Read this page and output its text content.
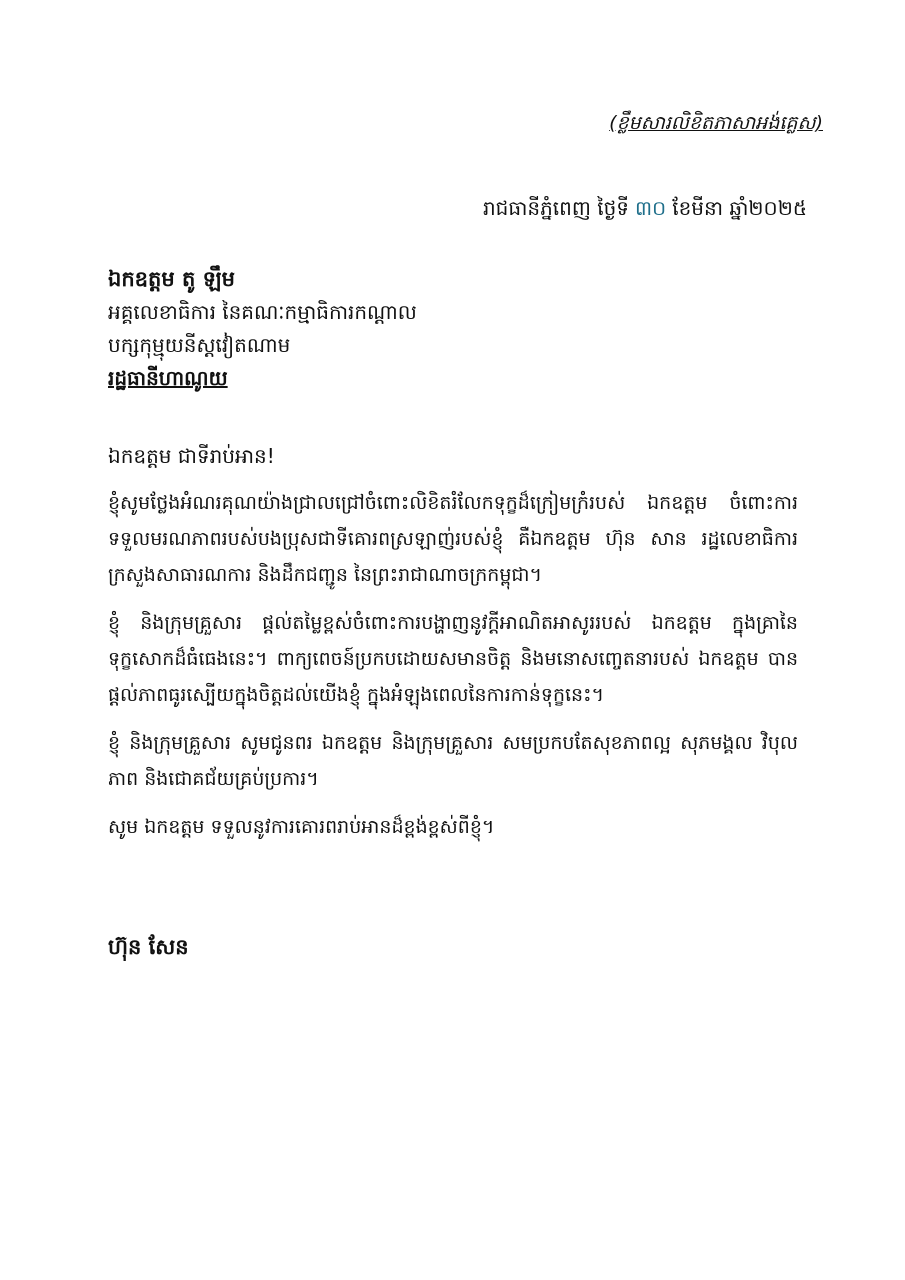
(ខ្លឹមសារលិខិតភាសាអង់គ្លេស)
រាជធានីភ្នំពេញ ថ្ងៃទី ៣០ ខែមីនា ឆ្នាំ២០២៥
ឯកឧត្តម តូ ឡឹម
អគ្គលេខាធិការ នៃគណៈកម្មាធិការកណ្តាល
បក្សកុម្មុយនីស្តវៀតណាម
រដ្ឋធានីហាណូយ
ឯកឧត្តម ជាទីរាប់អាន!

ខ្ញុំសូមថ្លែងអំណរគុណយ៉ាងជ្រាលជ្រៅចំពោះលិខិតរំលែកទុក្ខដ៏ក្រៀមក្រំរបស់ ឯកឧត្តម ចំពោះការទទួលមរណភាពរបស់បងប្រុសជាទីគោរពស្រឡាញ់របស់ខ្ញុំ គឺឯកឧត្តម ហ៊ុន សាន រដ្ឋលេខាធិការក្រសួងសាធារណការ និងដឹកជញ្ជូន នៃព្រះរាជាណាចក្រកម្ពុជា។

ខ្ញុំ និងក្រុមគ្រួសារ ផ្តល់តម្លៃខ្ពស់ចំពោះការបង្ហាញនូវក្តីអាណិតអាសូររបស់ ឯកឧត្តម ក្នុងគ្រានៃទុក្ខសោកដ៏ធំធេងនេះ។ ពាក្យពេចន៍ប្រកបដោយសមានចិត្ត និងមនោសញ្ចេតនារបស់ ឯកឧត្តម បានផ្តល់ភាពធូរស្បើយក្នុងចិត្តដល់យើងខ្ញុំ ក្នុងអំឡុងពេលនៃការកាន់ទុក្ខនេះ។

ខ្ញុំ និងក្រុមគ្រួសារ សូមជូនពរ ឯកឧត្តម និងក្រុមគ្រួសារ សមប្រកបតែសុខភាពល្អ សុភមង្គល វិបុលភាព និងជោគជ័យគ្រប់ប្រការ។

សូម ឯកឧត្តម ទទួលនូវការគោរពរាប់អានដ៏ខ្ពង់ខ្ពស់ពីខ្ញុំ។

ហ៊ុន សែន
